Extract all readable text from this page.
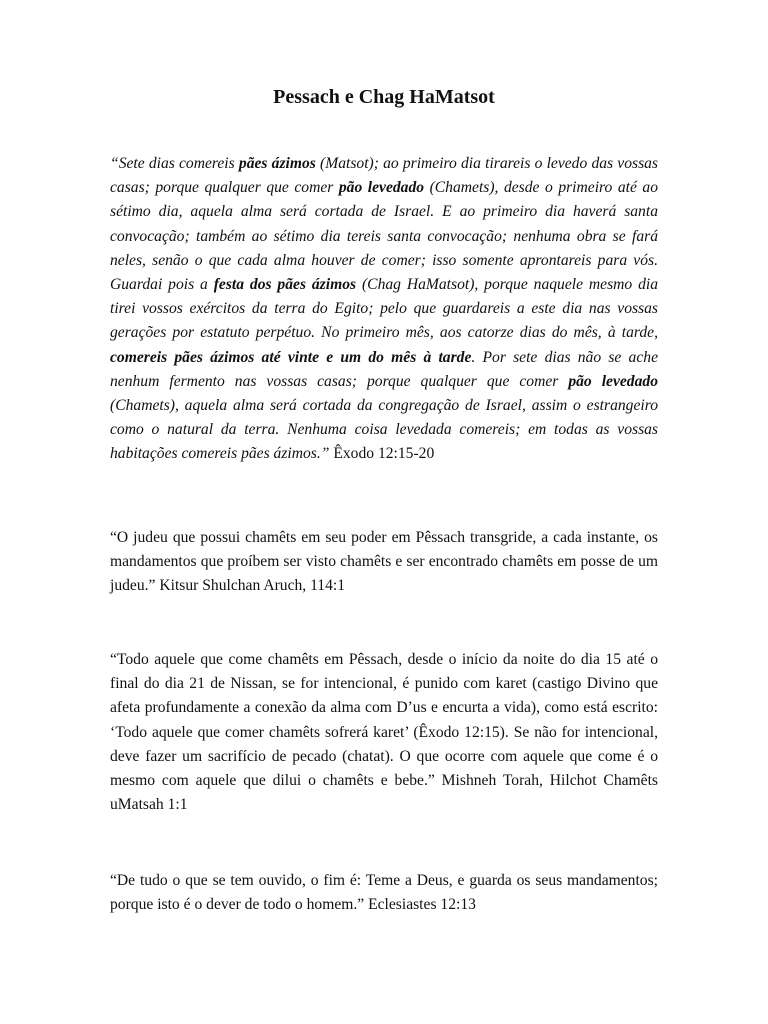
Pessach e Chag HaMatsot

“Sete dias comereis pães ázimos (Matsot); ao primeiro dia tirareis o levedo das vossas casas; porque qualquer que comer pão levedado (Chamets), desde o primeiro até ao sétimo dia, aquela alma será cortada de Israel. E ao primeiro dia haverá santa convocação; também ao sétimo dia tereis santa convocação; nenhuma obra se fará neles, senão o que cada alma houver de comer; isso somente aprontareis para vós. Guardai pois a festa dos pães ázimos (Chag HaMatsot), porque naquele mesmo dia tirei vossos exércitos da terra do Egito; pelo que guardareis a este dia nas vossas gerações por estatuto perpétuo. No primeiro mês, aos catorze dias do mês, à tarde, comereis pães ázimos até vinte e um do mês à tarde. Por sete dias não se ache nenhum fermento nas vossas casas; porque qualquer que comer pão levedado (Chamets), aquela alma será cortada da congregação de Israel, assim o estrangeiro como o natural da terra. Nenhuma coisa levedada comereis; em todas as vossas habitações comereis pães ázimos.” Êxodo 12:15-20

“O judeu que possui chamêts em seu poder em Pêssach transgride, a cada instante, os mandamentos que proíbem ser visto chamêts e ser encontrado chamêts em posse de um judeu.” Kitsur Shulchan Aruch, 114:1

“Todo aquele que come chamêts em Pêssach, desde o início da noite do dia 15 até o final do dia 21 de Nissan, se for intencional, é punido com karet (castigo Divino que afeta profundamente a conexão da alma com D’us e encurta a vida), como está escrito: ‘Todo aquele que comer chamêts sofrerá karet’ (Êxodo 12:15). Se não for intencional, deve fazer um sacrifício de pecado (chatat). O que ocorre com aquele que come é o mesmo com aquele que dilui o chamêts e bebe.” Mishneh Torah, Hilchot Chamêts uMatsah 1:1

“De tudo o que se tem ouvido, o fim é: Teme a Deus, e guarda os seus mandamentos; porque isto é o dever de todo o homem.” Eclesiastes 12:13
